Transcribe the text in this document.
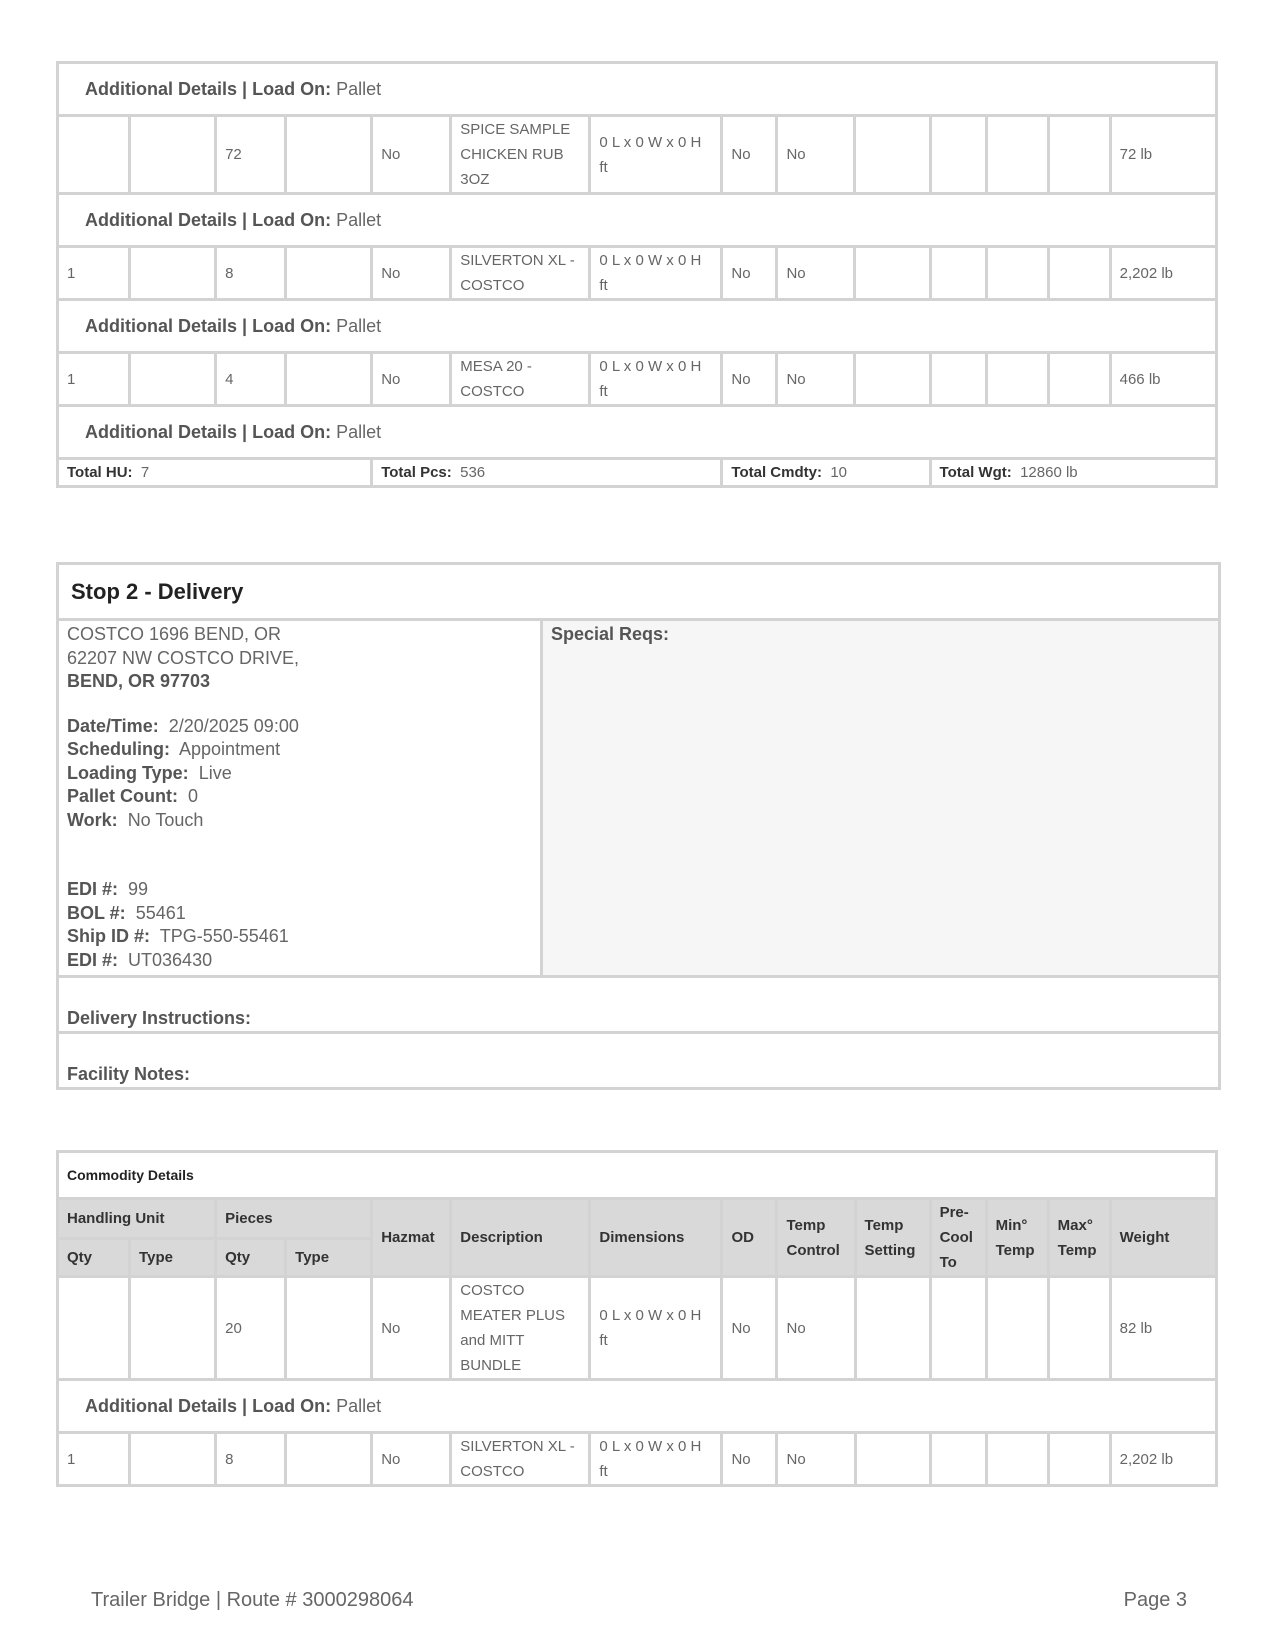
Additional Details | Load On: Pallet													
		72		No	SPICE SAMPLE CHICKEN RUB 3OZ	0 L x 0 W x 0 H ft	No	No					72 lb
Additional Details | Load On: Pallet													
1		8		No	SILVERTON XL - COSTCO	0 L x 0 W x 0 H ft	No	No					2,202 lb
Additional Details | Load On: Pallet													
1		4		No	MESA 20 - COSTCO	0 L x 0 W x 0 H ft	No	No					466 lb
Additional Details | Load On: Pallet													
Total HU: 7				Total Pcs: 536			Total Cmdty: 10			Total Wgt: 12860 lb			
Stop 2 - Delivery

COSTCO 1696 BEND, OR
62207 NW COSTCO DRIVE,
BEND, OR 97703
Date/Time: 2/20/2025 09:00
Scheduling: Appointment
Loading Type: Live
Pallet Count: 0
Work: No Touch
EDI #: 99
BOL #: 55461
Ship ID #: TPG-550-55461
EDI #: UT036430
	Special Reqs:
Delivery Instructions:
Facility Notes:
Commodity Details													
Handling Unit		Pieces		Hazmat	Description	Dimensions	OD	Temp Control	Temp Setting	Pre-Cool To	Min° Temp	Max° Temp	Weight
Qty	Type	Qty	Type										
		20		No	COSTCO MEATER PLUS and MITT BUNDLE	0 L x 0 W x 0 H ft	No	No					82 lb
Additional Details | Load On: Pallet													
1		8		No	SILVERTON XL - COSTCO	0 L x 0 W x 0 H ft	No	No					2,202 lb
Trailer Bridge | Route # 3000298064	Page 3
